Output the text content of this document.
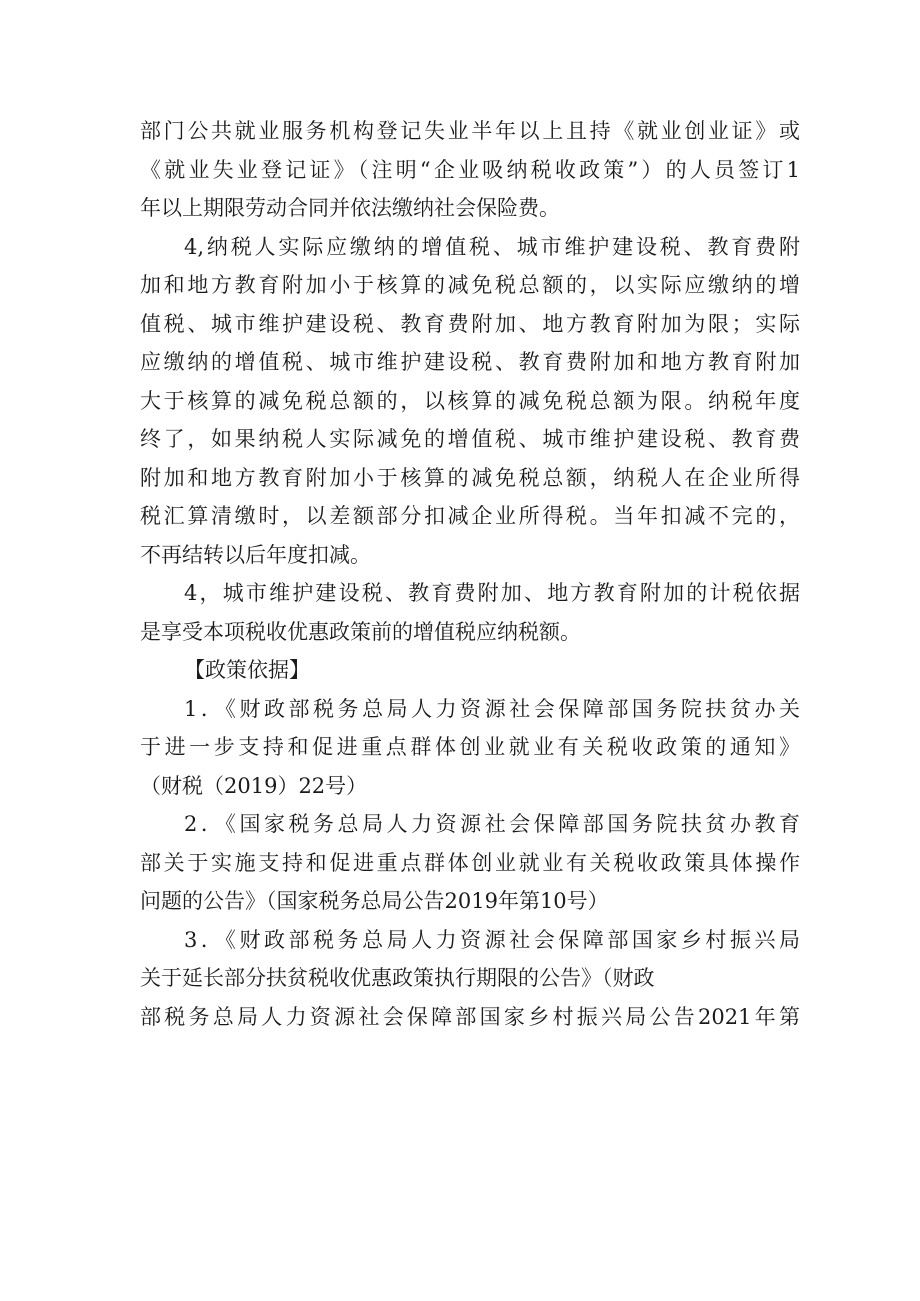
部门公共就业服务机构登记失业半年以上且持《就业创业证》或
《就业失业登记证》（注明“企业吸纳税收政策”）的人员签订1
年以上期限劳动合同并依法缴纳社会保险费。
4,纳税人实际应缴纳的增值税、城市维护建设税、教育费附
加和地方教育附加小于核算的减免税总额的，以实际应缴纳的增
值税、城市维护建设税、教育费附加、地方教育附加为限；实际
应缴纳的增值税、城市维护建设税、教育费附加和地方教育附加
大于核算的减免税总额的，以核算的减免税总额为限。纳税年度
终了，如果纳税人实际减免的增值税、城市维护建设税、教育费
附加和地方教育附加小于核算的减免税总额，纳税人在企业所得
税汇算清缴时，以差额部分扣减企业所得税。当年扣减不完的，
不再结转以后年度扣减。
4，城市维护建设税、教育费附加、地方教育附加的计税依据
是享受本项税收优惠政策前的增值税应纳税额。
【政策依据】
1．《财政部税务总局人力资源社会保障部国务院扶贫办关
于进一步支持和促进重点群体创业就业有关税收政策的通知》
（财税（2019）22号）
2．《国家税务总局人力资源社会保障部国务院扶贫办教育
部关于实施支持和促进重点群体创业就业有关税收政策具体操作
问题的公告》（国家税务总局公告2019年第10号）
3．《财政部税务总局人力资源社会保障部国家乡村振兴局
关于延长部分扶贫税收优惠政策执行期限的公告》（财政
部税务总局人力资源社会保障部国家乡村振兴局公告2021年第
